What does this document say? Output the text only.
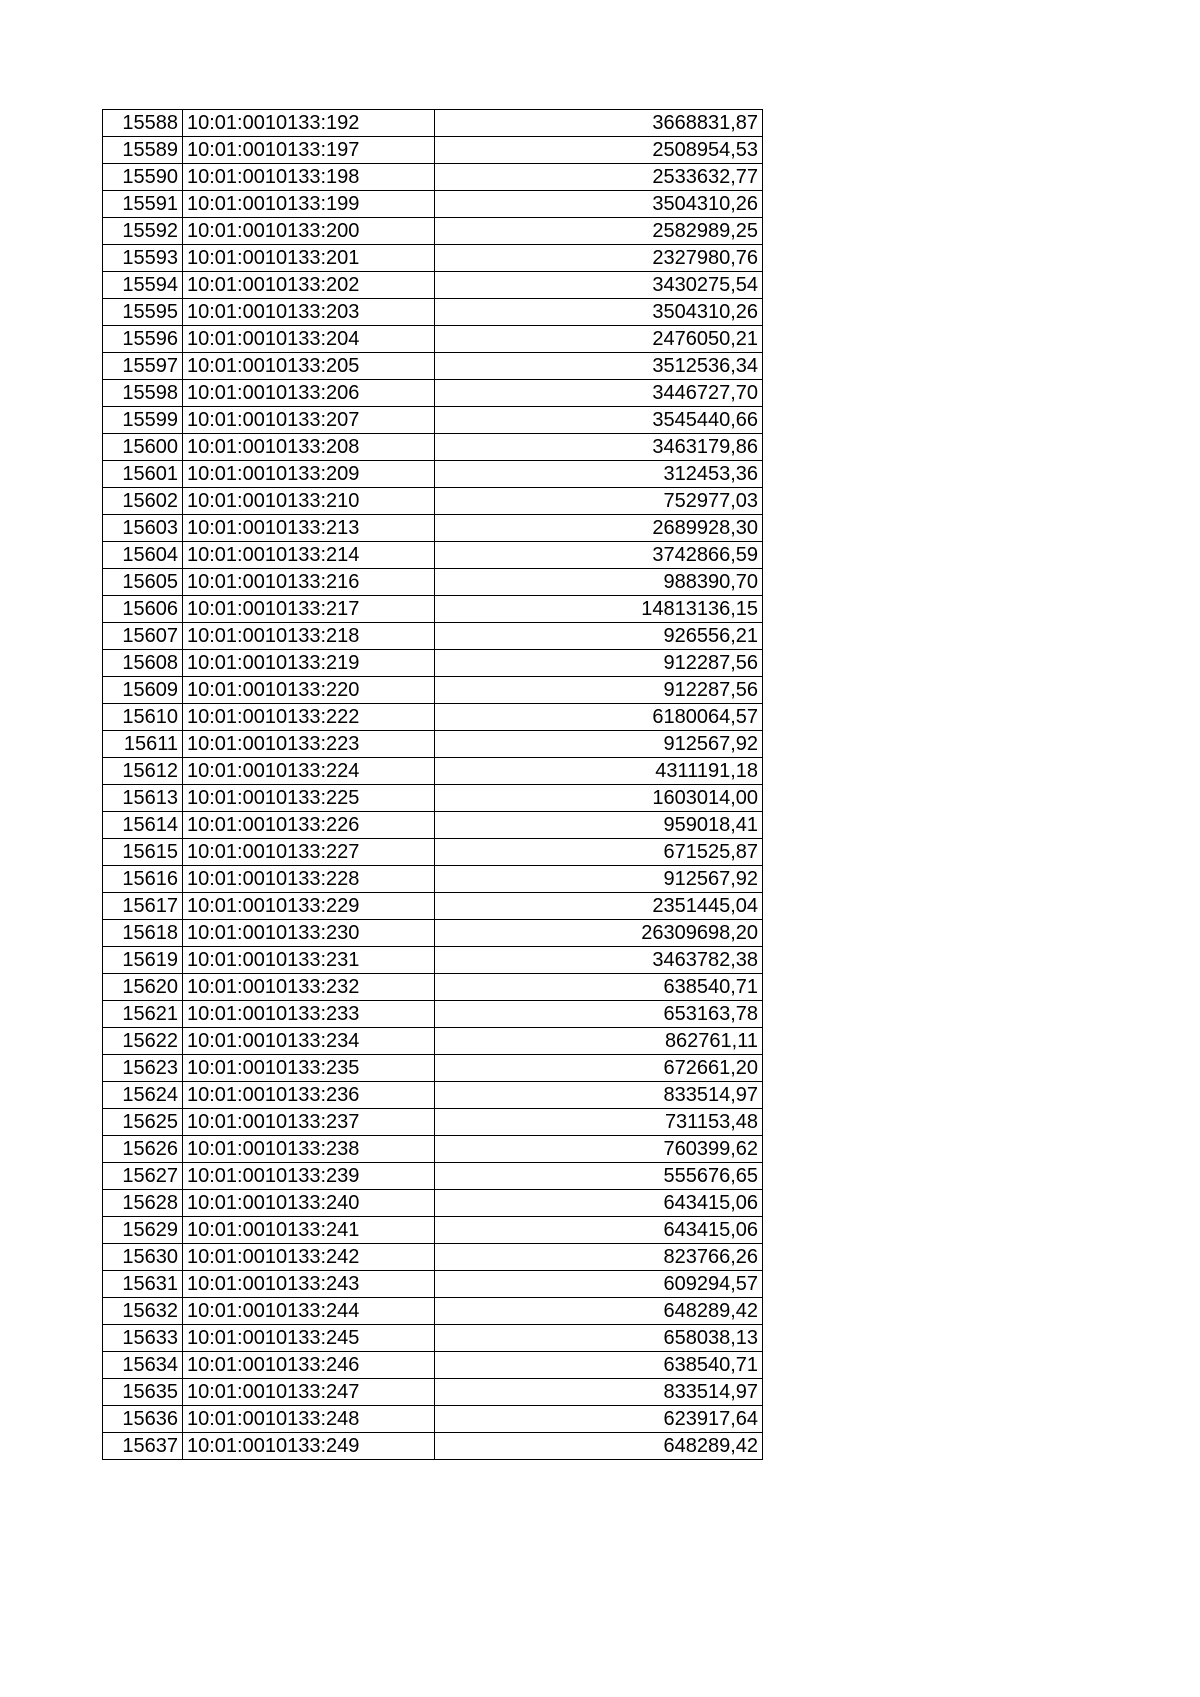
15588	10:01:0010133:192	3668831,87
15589	10:01:0010133:197	2508954,53
15590	10:01:0010133:198	2533632,77
15591	10:01:0010133:199	3504310,26
15592	10:01:0010133:200	2582989,25
15593	10:01:0010133:201	2327980,76
15594	10:01:0010133:202	3430275,54
15595	10:01:0010133:203	3504310,26
15596	10:01:0010133:204	2476050,21
15597	10:01:0010133:205	3512536,34
15598	10:01:0010133:206	3446727,70
15599	10:01:0010133:207	3545440,66
15600	10:01:0010133:208	3463179,86
15601	10:01:0010133:209	312453,36
15602	10:01:0010133:210	752977,03
15603	10:01:0010133:213	2689928,30
15604	10:01:0010133:214	3742866,59
15605	10:01:0010133:216	988390,70
15606	10:01:0010133:217	14813136,15
15607	10:01:0010133:218	926556,21
15608	10:01:0010133:219	912287,56
15609	10:01:0010133:220	912287,56
15610	10:01:0010133:222	6180064,57
15611	10:01:0010133:223	912567,92
15612	10:01:0010133:224	4311191,18
15613	10:01:0010133:225	1603014,00
15614	10:01:0010133:226	959018,41
15615	10:01:0010133:227	671525,87
15616	10:01:0010133:228	912567,92
15617	10:01:0010133:229	2351445,04
15618	10:01:0010133:230	26309698,20
15619	10:01:0010133:231	3463782,38
15620	10:01:0010133:232	638540,71
15621	10:01:0010133:233	653163,78
15622	10:01:0010133:234	862761,11
15623	10:01:0010133:235	672661,20
15624	10:01:0010133:236	833514,97
15625	10:01:0010133:237	731153,48
15626	10:01:0010133:238	760399,62
15627	10:01:0010133:239	555676,65
15628	10:01:0010133:240	643415,06
15629	10:01:0010133:241	643415,06
15630	10:01:0010133:242	823766,26
15631	10:01:0010133:243	609294,57
15632	10:01:0010133:244	648289,42
15633	10:01:0010133:245	658038,13
15634	10:01:0010133:246	638540,71
15635	10:01:0010133:247	833514,97
15636	10:01:0010133:248	623917,64
15637	10:01:0010133:249	648289,42
